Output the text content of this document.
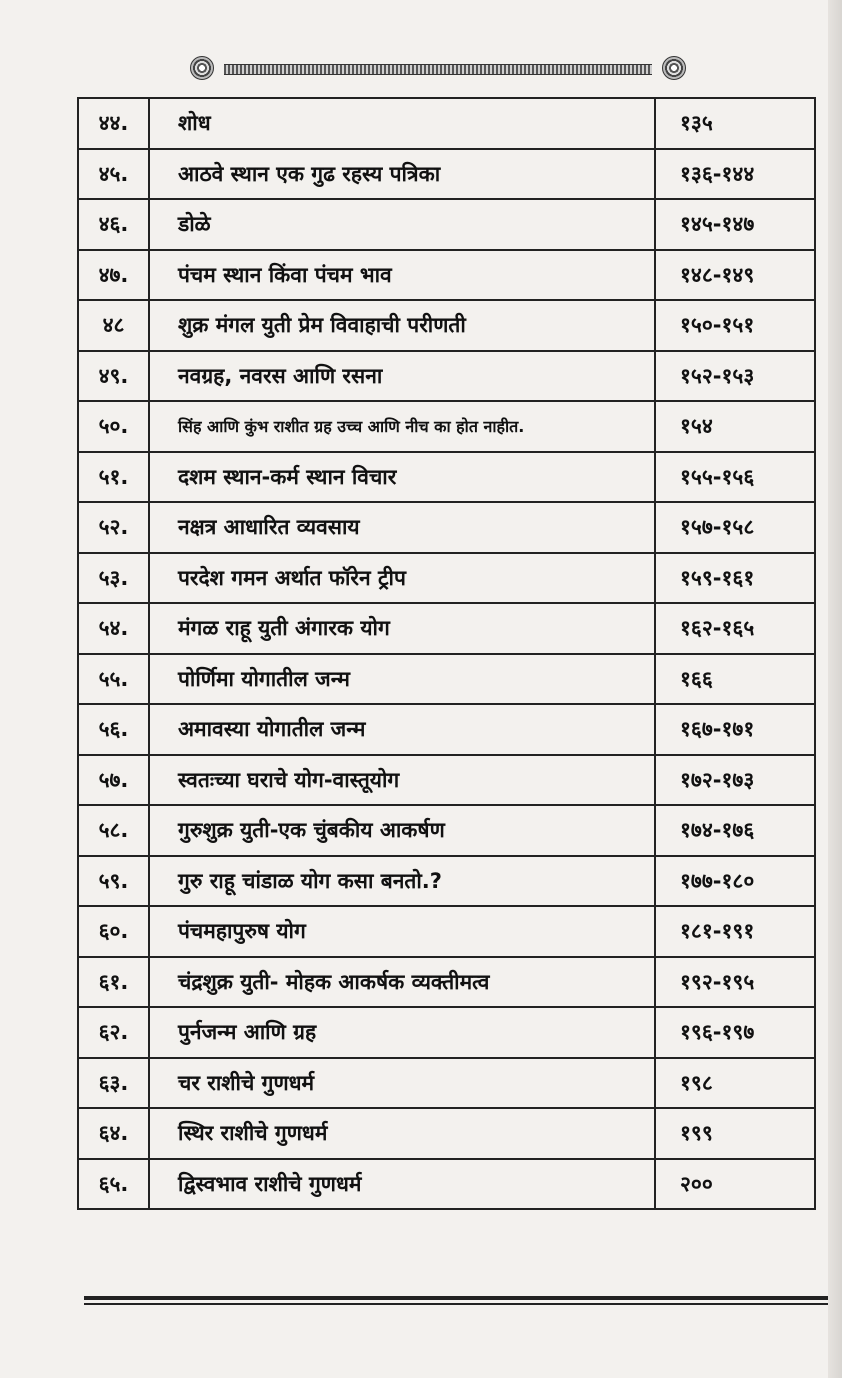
४४.	शोध	१३५
४५.	आठवे स्थान एक गुढ रहस्य पत्रिका	१३६-१४४
४६.	डोळे	१४५-१४७
४७.	पंचम स्थान किंवा पंचम भाव	१४८-१४९
४८	शुक्र मंगल युती प्रेम विवाहाची परीणती	१५०-१५१
४९.	नवग्रह, नवरस आणि रसना	१५२-१५३
५०.	सिंह आणि कुंभ राशीत ग्रह उच्च आणि नीच का होत नाहीत.	१५४
५१.	दशम स्थान-कर्म स्थान विचार	१५५-१५६
५२.	नक्षत्र आधारित व्यवसाय	१५७-१५८
५३.	परदेश गमन अर्थात फॉरेन ट्रीप	१५९-१६१
५४.	मंगळ राहू युती अंगारक योग	१६२-१६५
५५.	पोर्णिमा योगातील जन्म	१६६
५६.	अमावस्या योगातील जन्म	१६७-१७१
५७.	स्वतःच्या घराचे योग-वास्तूयोग	१७२-१७३
५८.	गुरुशुक्र युती-एक चुंबकीय आकर्षण	१७४-१७६
५९.	गुरु राहू चांडाळ योग कसा बनतो.?	१७७-१८०
६०.	पंचमहापुरुष योग	१८१-१९१
६१.	चंद्रशुक्र युती- मोहक आकर्षक व्यक्तीमत्व	१९२-१९५
६२.	पुर्नजन्म आणि ग्रह	१९६-१९७
६३.	चर राशीचे गुणधर्म	१९८
६४.	स्थिर राशीचे गुणधर्म	१९९
६५.	द्विस्वभाव राशीचे गुणधर्म	२००
